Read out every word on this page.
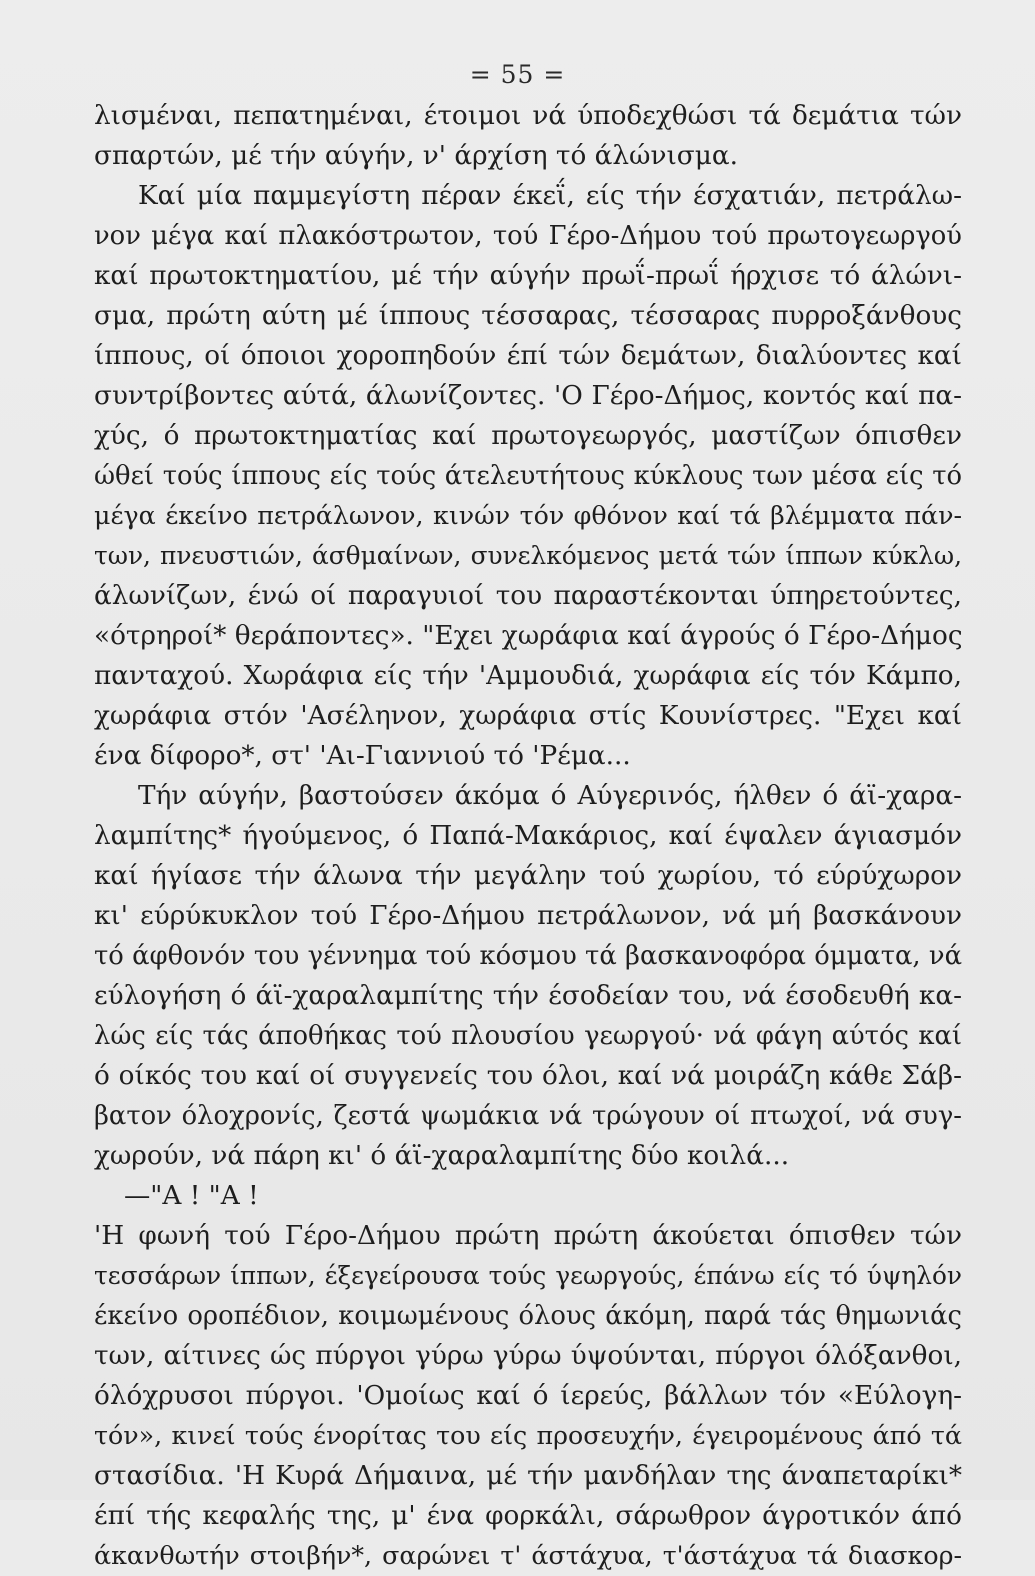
= 55 =
λισμέναι, πεπατημέναι, έτοιμοι νά ύποδεχθώσι τά δεμάτια τών
σπαρτών, μέ τήν αύγήν, ν' άρχίση τό άλώνισμα.
Καί μία παμμεγίστη πέραν έκεΐ, είς τήν έσχατιάν, πετράλω-
νον μέγα καί πλακόστρωτον, τού Γέρο-Δήμου τού πρωτογεωργού
καί πρωτοκτηματίου, μέ τήν αύγήν πρωΐ-πρωΐ ήρχισε τό άλώνι-
σμα, πρώτη αύτη μέ ίππους τέσσαρας, τέσσαρας πυρροξάνθους
ίππους, οί όποιοι χοροπηδούν έπί τών δεμάτων, διαλύοντες καί
συντρίβοντες αύτά, άλωνίζοντες. 'Ο Γέρο-Δήμος, κοντός καί πα-
χύς, ό πρωτοκτηματίας καί πρωτογεωργός, μαστίζων όπισθεν
ώθεί τούς ίππους είς τούς άτελευτήτους κύκλους των μέσα είς τό
μέγα έκείνο πετράλωνον, κινών τόν φθόνον καί τά βλέμματα πάν-
των, πνευστιών, άσθμαίνων, συνελκόμενος μετά τών ίππων κύκλω,
άλωνίζων, ένώ οί παραγυιοί του παραστέκονται ύπηρετούντες,
«ότρηροί* θεράποντες». "Εχει χωράφια καί άγρούς ό Γέρο-Δήμος
πανταχού. Χωράφια είς τήν 'Αμμουδιά, χωράφια είς τόν Κάμπο,
χωράφια στόν 'Ασέληνον, χωράφια στίς Κουνίστρες. "Εχει καί
ένα δίφορο*, στ' 'Αι-Γιαννιού τό 'Ρέμα...
Τήν αύγήν, βαστούσεν άκόμα ό Αύγερινός, ήλθεν ό άϊ-χαρα-
λαμπίτης* ήγούμενος, ό Παπά-Μακάριος, καί έψαλεν άγιασμόν
καί ήγίασε τήν άλωνα τήν μεγάλην τού χωρίου, τό εύρύχωρον
κι' εύρύκυκλον τού Γέρο-Δήμου πετράλωνον, νά μή βασκάνουν
τό άφθονόν του γέννημα τού κόσμου τά βασκανοφόρα όμματα, νά
εύλογήση ό άϊ-χαραλαμπίτης τήν έσοδείαν του, νά έσοδευθή κα-
λώς είς τάς άποθήκας τού πλουσίου γεωργού· νά φάγη αύτός καί
ό οίκός του καί οί συγγενείς του όλοι, καί νά μοιράζη κάθε Σάβ-
βατον όλοχρονίς, ζεστά ψωμάκια νά τρώγουν οί πτωχοί, νά συγ-
χωρούν, νά πάρη κι' ό άϊ-χαραλαμπίτης δύο κοιλά...
—"Α ! "Α !
'Η φωνή τού Γέρο-Δήμου πρώτη πρώτη άκούεται όπισθεν τών
τεσσάρων ίππων, έξεγείρουσα τούς γεωργούς, έπάνω είς τό ύψηλόν
έκείνο οροπέδιον, κοιμωμένους όλους άκόμη, παρά τάς θημωνιάς
των, αίτινες ώς πύργοι γύρω γύρω ύψούνται, πύργοι όλόξανθοι,
όλόχρυσοι πύργοι. 'Ομοίως καί ό ίερεύς, βάλλων τόν «Εύλογη-
τόν», κινεί τούς ένορίτας του είς προσευχήν, έγειρομένους άπό τά
στασίδια. 'Η Κυρά Δήμαινα, μέ τήν μανδήλαν της άναπεταρίκι*
έπί τής κεφαλής της, μ' ένα φορκάλι, σάρωθρον άγροτικόν άπό
άκανθωτήν στοιβήν*, σαρώνει τ' άστάχυα, τ'άστάχυα τά διασκορ-
